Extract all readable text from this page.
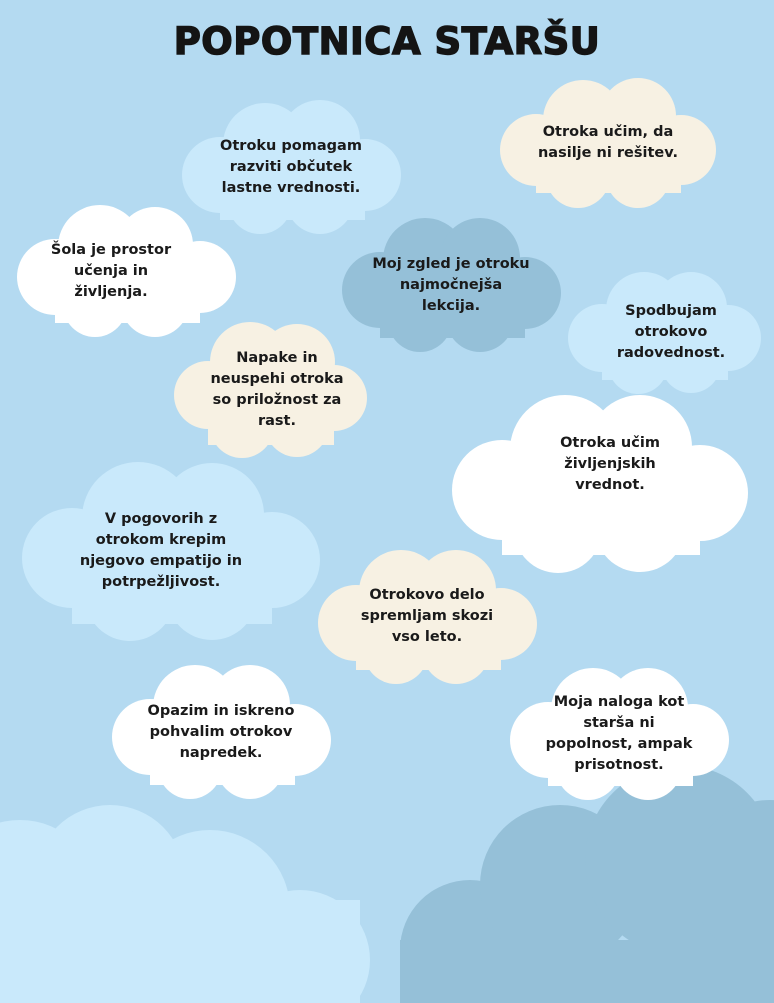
POPOTNICA STARŠU
Otroku pomagam
razviti občutek
lastne vrednosti.
Otroka učim, da
nasilje ni rešitev.
Šola je prostor
učenja in
življenja.
Moj zgled je otroku
najmočnejša
lekcija.	Spodbujam
otrokovo
radovednost.
Napake in
neuspehi otroka
so priložnost za
rast.
Otroka učim
življenjskih
vrednot.
V pogovorih z
otrokom krepim
njegovo empatijo in
potrpežljivost.
Otrokovo delo
spremljam skozi
vso leto.
Opazim in iskreno
pohvalim otrokov
napredek.
Moja naloga kot
starša ni
popolnost, ampak
prisotnost.
